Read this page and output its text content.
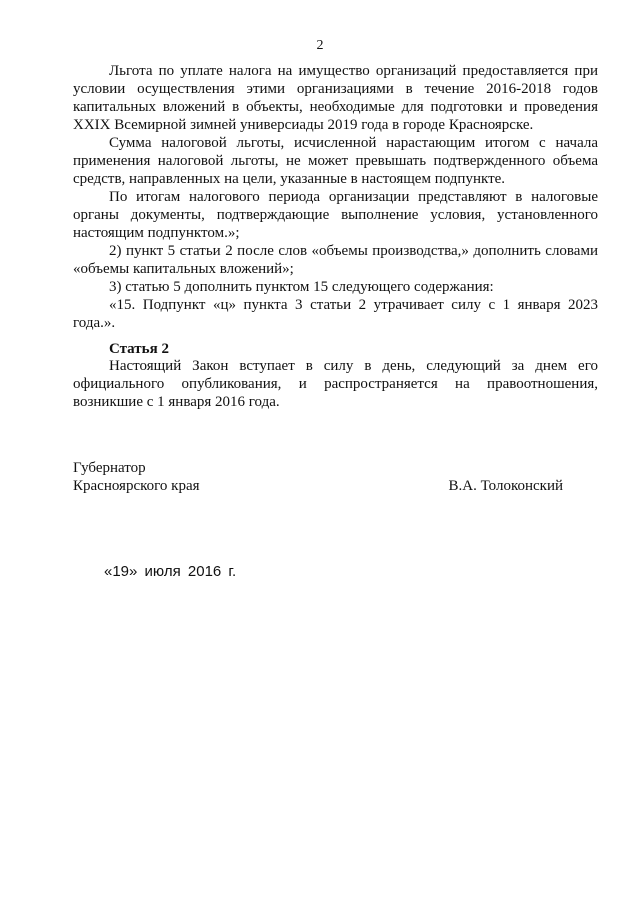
2

Льгота по уплате налога на имущество организаций предоставляется при условии осуществления этими организациями в течение 2016-2018 годов капитальных вложений в объекты, необходимые для подготовки и проведения XXIX Всемирной зимней универсиады 2019 года в городе Красноярске.

Сумма налоговой льготы, исчисленной нарастающим итогом с начала применения налоговой льготы, не может превышать подтвержденного объема средств, направленных на цели, указанные в настоящем подпункте.

По итогам налогового периода организации представляют в налоговые органы документы, подтверждающие выполнение условия, установленного настоящим подпунктом.»;

2) пункт 5 статьи 2 после слов «объемы производства,» дополнить словами «объемы капитальных вложений»;

3) статью 5 дополнить пунктом 15 следующего содержания:

«15. Подпункт «ц» пункта 3 статьи 2 утрачивает силу с 1 января 2023 года.».

Статья 2

Настоящий Закон вступает в силу в день, следующий за днем его официального опубликования, и распространяется на правоотношения, возникшие с 1 января 2016 года.

Губернатор

Красноярского края	В.А. Толоконский

«19» июля 2016 г.
